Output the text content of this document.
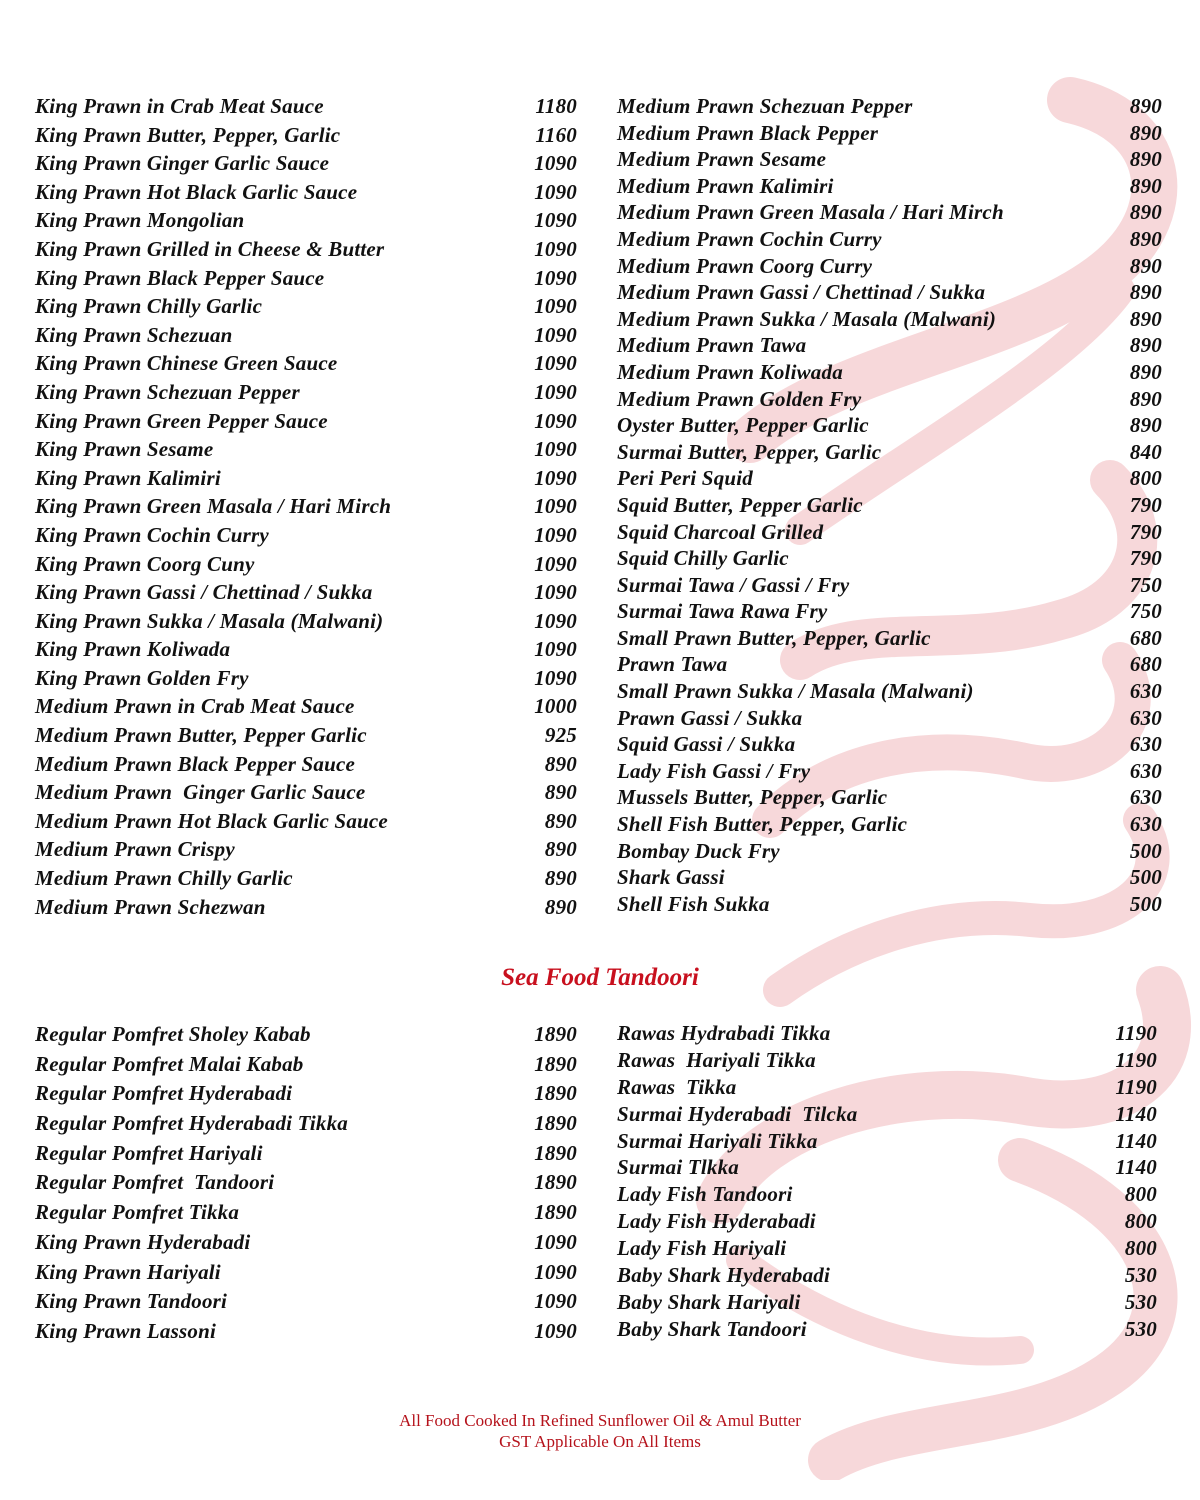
King Prawn in Crab Meat Sauce	1180
King Prawn Butter, Pepper, Garlic	1160
King Prawn Ginger Garlic Sauce	1090
King Prawn Hot Black Garlic Sauce	1090
King Prawn Mongolian	1090
King Prawn Grilled in Cheese & Butter	1090
King Prawn Black Pepper Sauce	1090
King Prawn Chilly Garlic	1090
King Prawn Schezuan	1090
King Prawn Chinese Green Sauce	1090
King Prawn Schezuan Pepper	1090
King Prawn Green Pepper Sauce	1090
King Prawn Sesame	1090
King Prawn Kalimiri	1090
King Prawn Green Masala / Hari Mirch	1090
King Prawn Cochin Curry	1090
King Prawn Coorg Cuny	1090
King Prawn Gassi / Chettinad / Sukka	1090
King Prawn Sukka / Masala (Malwani)	1090
King Prawn Koliwada	1090
King Prawn Golden Fry	1090
Medium Prawn in Crab Meat Sauce	1000
Medium Prawn Butter, Pepper Garlic	925
Medium Prawn Black Pepper Sauce	890
Medium Prawn  Ginger Garlic Sauce	890
Medium Prawn Hot Black Garlic Sauce	890
Medium Prawn Crispy	890
Medium Prawn Chilly Garlic	890
Medium Prawn Schezwan	890
Medium Prawn Schezuan Pepper	890
Medium Prawn Black Pepper	890
Medium Prawn Sesame	890
Medium Prawn Kalimiri	890
Medium Prawn Green Masala / Hari Mirch	890
Medium Prawn Cochin Curry	890
Medium Prawn Coorg Curry	890
Medium Prawn Gassi / Chettinad / Sukka	890
Medium Prawn Sukka / Masala (Malwani)	890
Medium Prawn Tawa	890
Medium Prawn Koliwada	890
Medium Prawn Golden Fry	890
Oyster Butter, Pepper Garlic	890
Surmai Butter, Pepper, Garlic	840
Peri Peri Squid	800
Squid Butter, Pepper Garlic	790
Squid Charcoal Grilled	790
Squid Chilly Garlic	790
Surmai Tawa / Gassi / Fry	750
Surmai Tawa Rawa Fry	750
Small Prawn Butter, Pepper, Garlic	680
Prawn Tawa	680
Small Prawn Sukka / Masala (Malwani)	630
Prawn Gassi / Sukka	630
Squid Gassi / Sukka	630
Lady Fish Gassi / Fry	630
Mussels Butter, Pepper, Garlic	630
Shell Fish Butter, Pepper, Garlic	630
Bombay Duck Fry	500
Shark Gassi	500
Shell Fish Sukka	500
Sea Food Tandoori
Regular Pomfret Sholey Kabab	1890
Regular Pomfret Malai Kabab	1890
Regular Pomfret Hyderabadi	1890
Regular Pomfret Hyderabadi Tikka	1890
Regular Pomfret Hariyali	1890
Regular Pomfret  Tandoori	1890
Regular Pomfret Tikka	1890
King Prawn Hyderabadi	1090
King Prawn Hariyali	1090
King Prawn Tandoori	1090
King Prawn Lassoni	1090
Rawas Hydrabadi Tikka	1190
Rawas  Hariyali Tikka	1190
Rawas  Tikka	1190
Surmai Hyderabadi  Tilcka	1140
Surmai Hariyali Tikka	1140
Surmai Tlkka	1140
Lady Fish Tandoori	800
Lady Fish Hyderabadi	800
Lady Fish Hariyali	800
Baby Shark Hyderabadi	530
Baby Shark Hariyali	530
Baby Shark Tandoori	530
All Food Cooked In Refined Sunflower Oil & Amul Butter
GST Applicable On All Items
